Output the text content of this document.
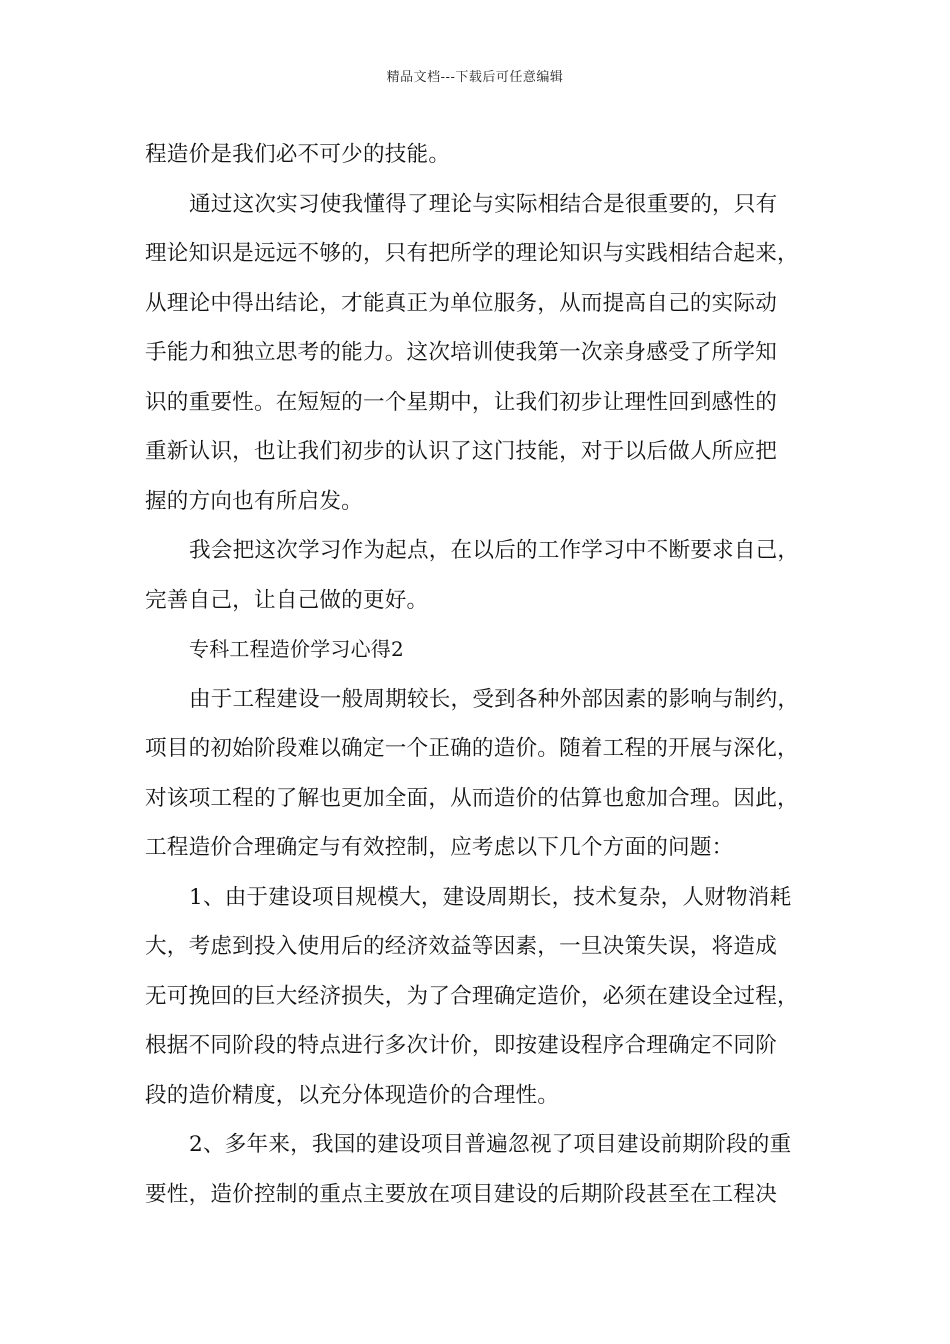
精品文档---下载后可任意编辑
程造价是我们必不可少的技能。
通过这次实习使我懂得了理论与实际相结合是很重要的，只有
理论知识是远远不够的，只有把所学的理论知识与实践相结合起来，
从理论中得出结论，才能真正为单位服务，从而提高自己的实际动
手能力和独立思考的能力。这次培训使我第一次亲身感受了所学知
识的重要性。在短短的一个星期中，让我们初步让理性回到感性的
重新认识，也让我们初步的认识了这门技能，对于以后做人所应把
握的方向也有所启发。
我会把这次学习作为起点，在以后的工作学习中不断要求自己，
完善自己，让自己做的更好。
专科工程造价学习心得2
由于工程建设一般周期较长，受到各种外部因素的影响与制约，
项目的初始阶段难以确定一个正确的造价。随着工程的开展与深化，
对该项工程的了解也更加全面，从而造价的估算也愈加合理。因此，
工程造价合理确定与有效控制，应考虑以下几个方面的问题：
1、由于建设项目规模大，建设周期长，技术复杂，人财物消耗
大，考虑到投入使用后的经济效益等因素，一旦决策失误，将造成
无可挽回的巨大经济损失，为了合理确定造价，必须在建设全过程，
根据不同阶段的特点进行多次计价，即按建设程序合理确定不同阶
段的造价精度，以充分体现造价的合理性。
2、多年来，我国的建设项目普遍忽视了项目建设前期阶段的重
要性，造价控制的重点主要放在项目建设的后期阶段甚至在工程决
